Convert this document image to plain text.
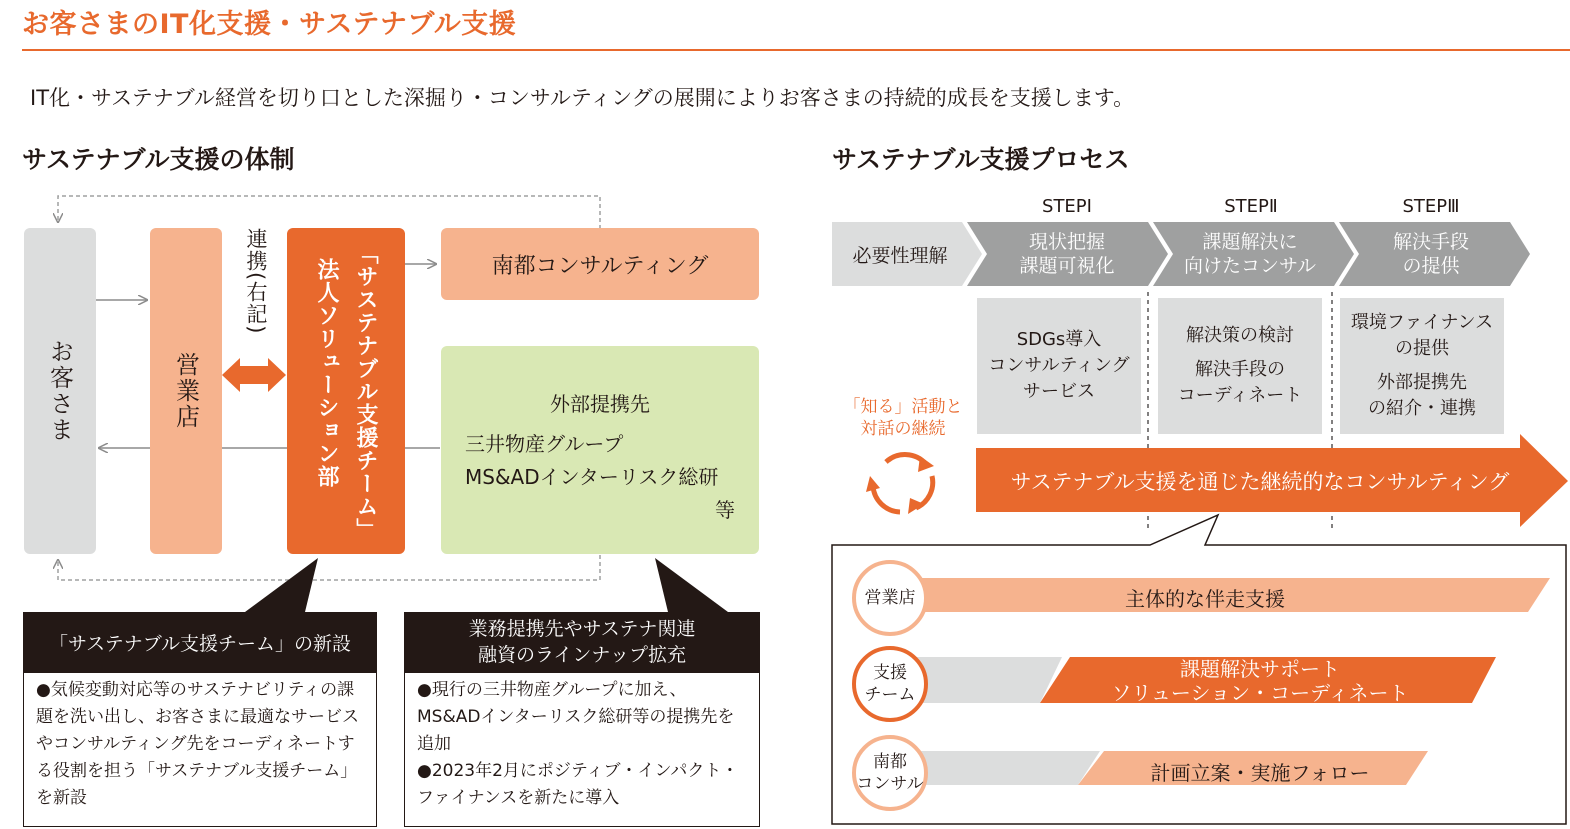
お客さまのIT化支援・サステナブル支援
IT化・サステナブル経営を切り口とした深掘り・コンサルティングの展開によりお客さまの持続的成長を支援します。
サステナブル支援の体制
お客さま	営業店
連携(右記)	「サステナブル支援チーム」
法人ソリューション部	南都コンサルティング
外部提携先
三井物産グループ
MS&ADインターリスク総研
等
「サステナブル支援チーム」の新設
●気候変動対応等のサステナビリティの課題を洗い出し、お客さまに最適なサービスやコンサルティング先をコーディネートする役割を担う「サステナブル支援チーム」を新設
業務提携先やサステナ関連
融資のラインナップ拡充
●現行の三井物産グループに加え、MS&ADインターリスク総研等の提携先を追加
●2023年2月にポジティブ・インパクト・ファイナンスを新たに導入
サステナブル支援プロセス
必要性理解
STEPⅠ
現状把握
課題可視化
STEPⅡ
課題解決に
向けたコンサル
STEPⅢ
解決手段
の提供
SDGs導入
コンサルティング
サービス
解決策の検討
解決手段の
コーディネート
環境ファイナンス
の提供
外部提携先
の紹介・連携
「知る」活動と
対話の継続
サステナブル支援を通じた継続的なコンサルティング
営業店	主体的な伴走支援
支援
チーム
課題解決サポート
ソリューション・コーディネート
南都
コンサル	計画立案・実施フォロー
